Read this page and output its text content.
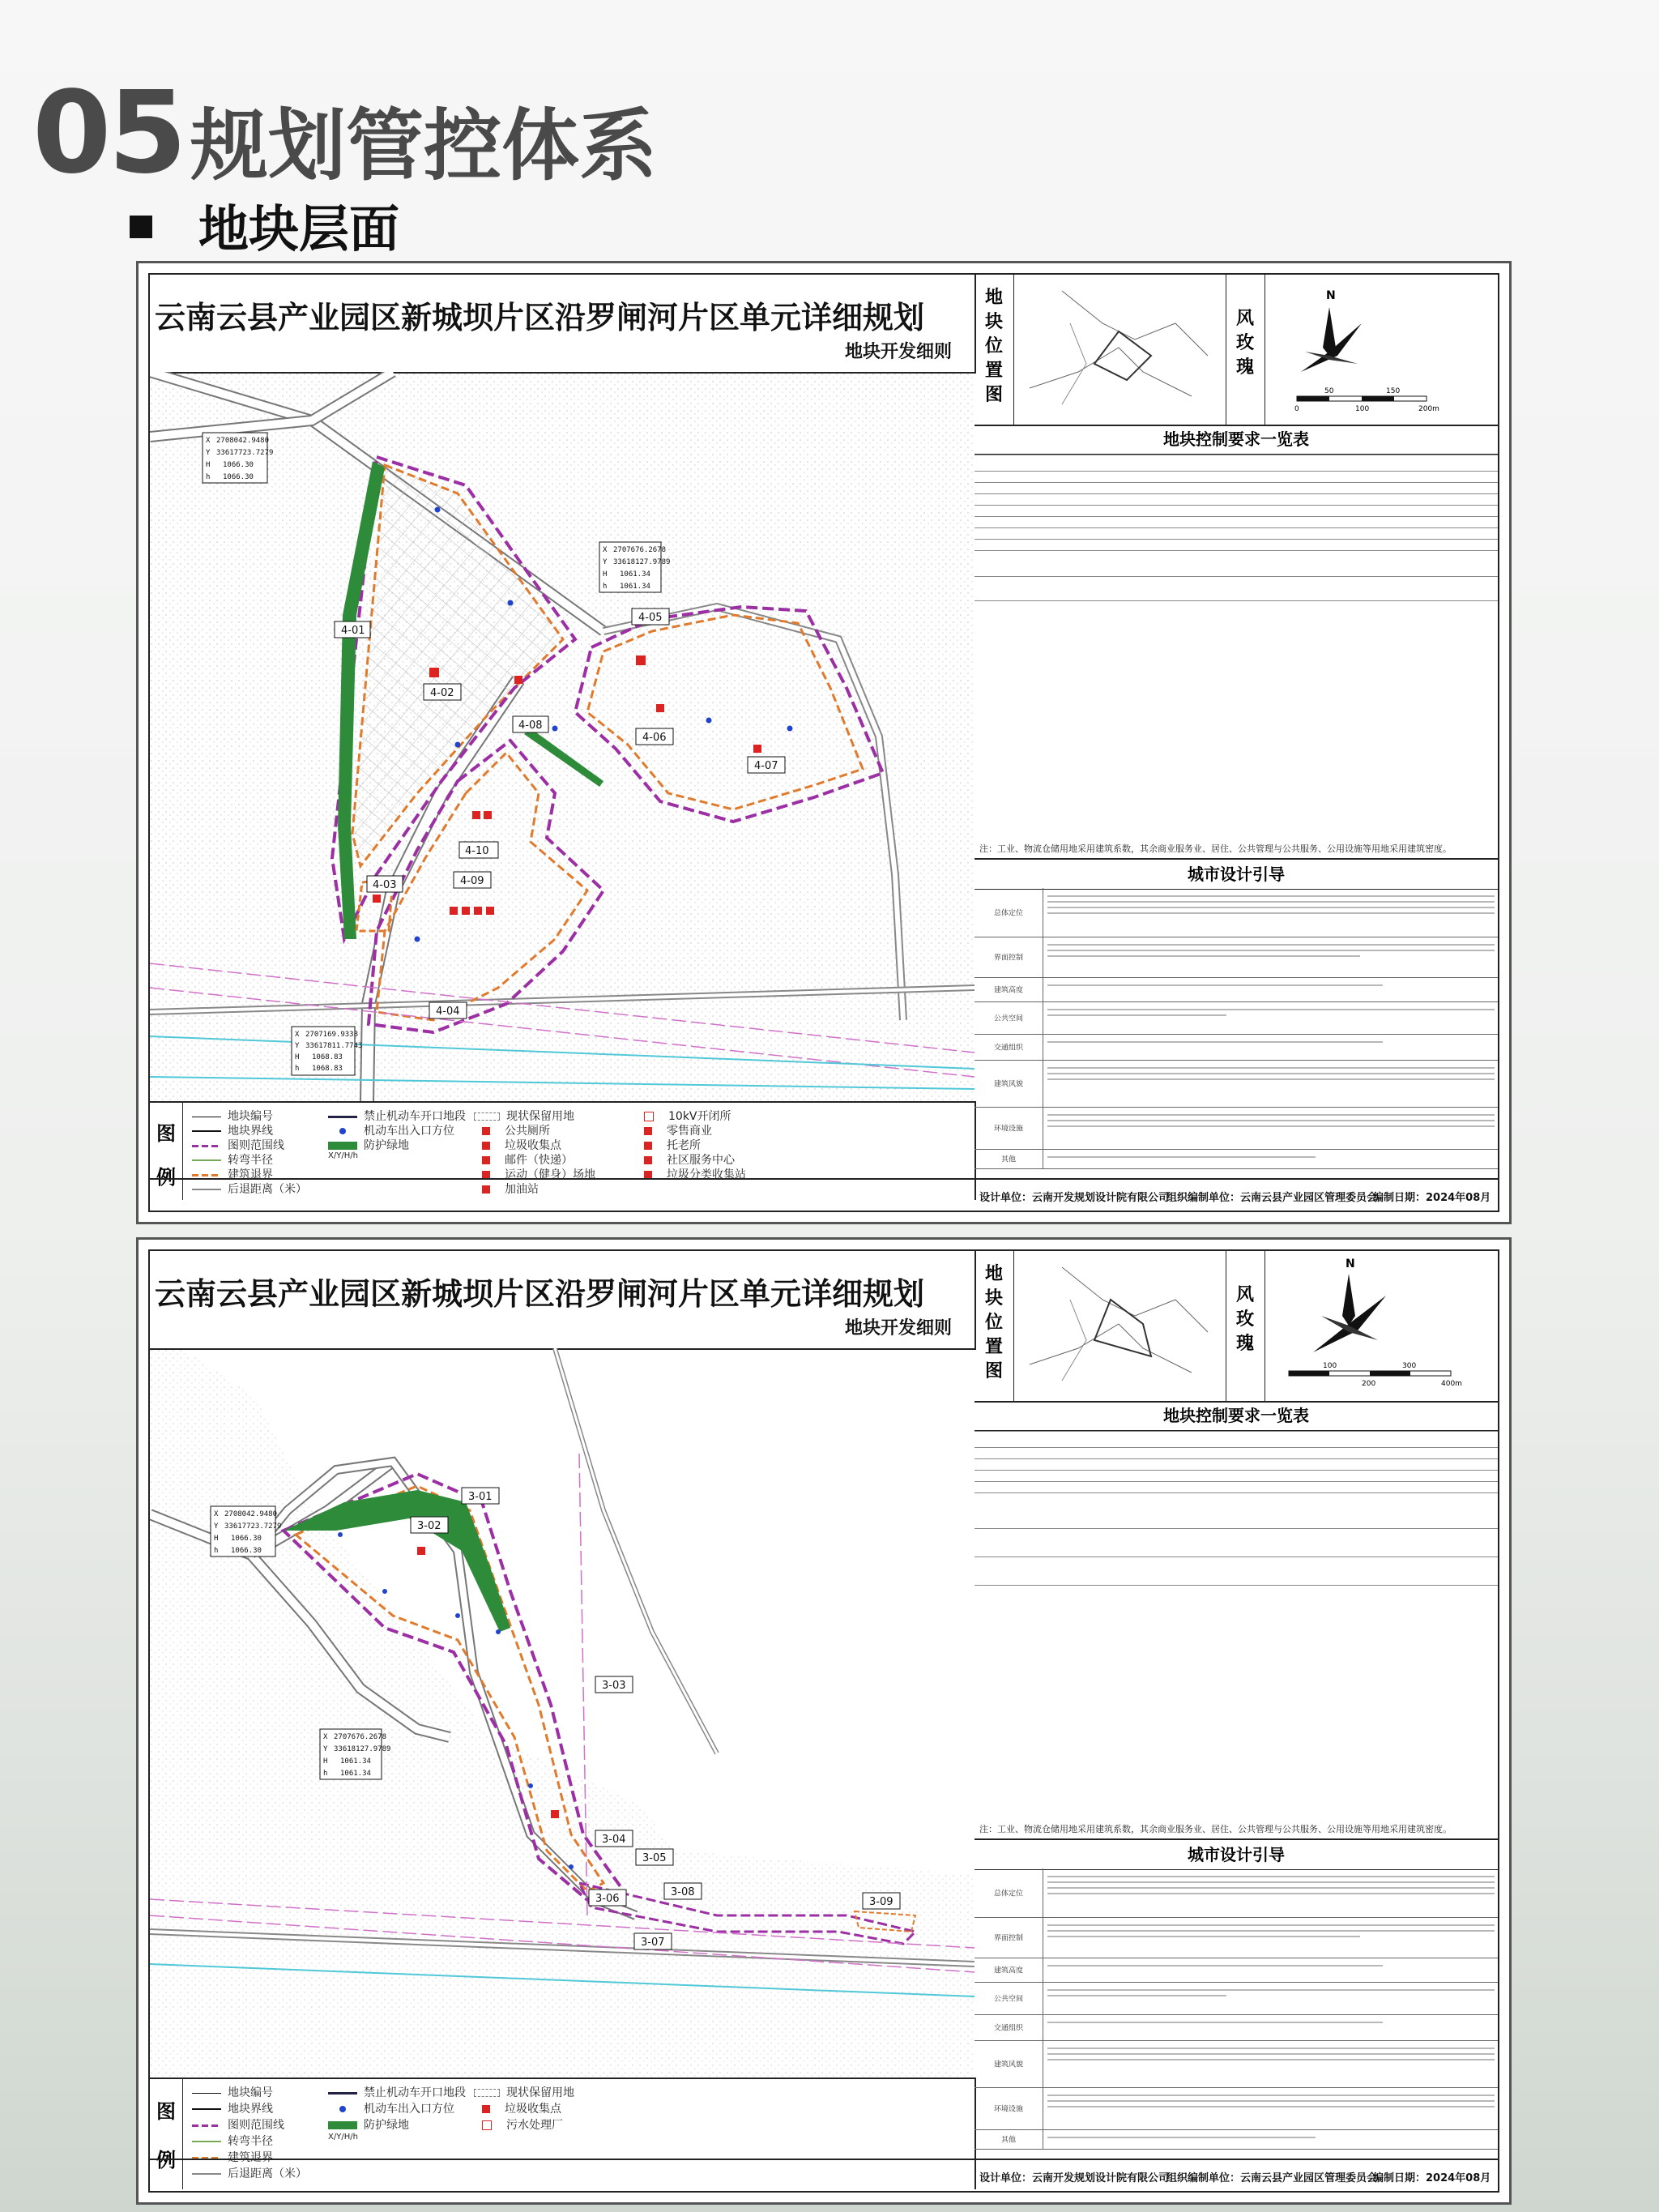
05 规划管控体系
地块层面
云南云县产业园区新城坝片区沿罗闸河片区单元详细规划
地块开发细则
4-01
4-02
4-03
4-04
4-05
4-06
4-07
4-08
4-09
4-10
X 2708042.9480
Y 33617723.7279
H 1066.30
h 1066.30
X 2707676.2678
Y 33618127.9789
H 1061.34
h 1061.34
X 2707169.9338
Y 33617811.7743
H 1068.83
h 1068.83
图
例
地块编号
地块界线
图则范围线
转弯半径
建筑退界
后退距离（米）
禁止机动车开口地段
机动车出入口方位
防护绿地
X/Y/H/h
现状保留用地
公共厕所
垃圾收集点
邮件（快递）
运动（健身）场地
加油站
10kV开闭所
零售商业
托老所
社区服务中心
垃圾分类收集站
地块位置图
风玫瑰
N
50	150
0	100	200m
地块控制要求一览表
注：工业、物流仓储用地采用建筑系数，其余商业服务业、居住、公共管理与公共服务、公用设施等用地采用建筑密度。
城市设计引导
总体定位
界面控制
建筑高度
公共空间
交通组织
建筑风貌
环境设施
其他
设计单位：云南开发规划设计院有限公司
组织编制单位：云南云县产业园区管理委员会
编制日期：2024年08月
云南云县产业园区新城坝片区沿罗闸河片区单元详细规划
地块开发细则
3-01
3-02
3-03
3-04
3-05
3-06
3-07
3-08
3-09
X 2708042.9480
Y 33617723.7279
H 1066.30
h 1066.30
X 2707676.2678
Y 33618127.9789
H 1061.34
h 1061.34
图
例
地块编号
地块界线
图则范围线
转弯半径
建筑退界
后退距离（米）
禁止机动车开口地段
机动车出入口方位
防护绿地
X/Y/H/h
现状保留用地
垃圾收集点
污水处理厂
地块位置图
风玫瑰
N
100	300
200	400m
地块控制要求一览表
注：工业、物流仓储用地采用建筑系数，其余商业服务业、居住、公共管理与公共服务、公用设施等用地采用建筑密度。
城市设计引导
总体定位
界面控制
建筑高度
公共空间
交通组织
建筑风貌
环境设施
其他
设计单位：云南开发规划设计院有限公司
组织编制单位：云南云县产业园区管理委员会
编制日期：2024年08月
